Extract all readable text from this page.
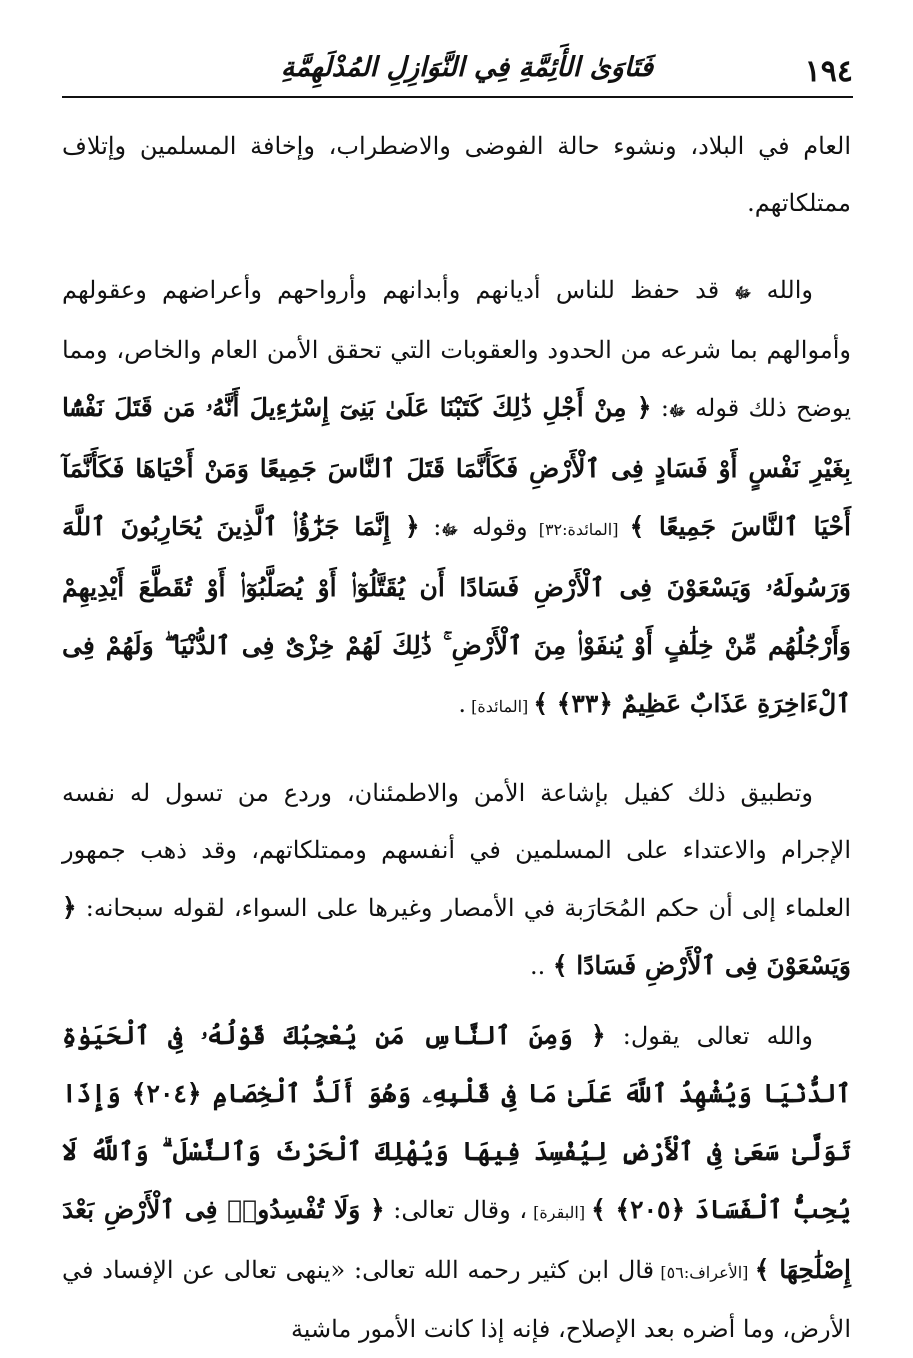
١٩٤
فَتَاوَىٰ الأَئِمَّةِ فِي النَّوَازِلِ المُدْلَهِمَّةِ

العام في البلاد، ونشوء حالة الفوضى والاضطراب، وإخافة المسلمين وإتلاف ممتلكاتهم.

والله ﷻ قد حفظ للناس أديانهم وأبدانهم وأرواحهم وأعراضهم وعقولهم وأموالهم بما شرعه من الحدود والعقوبات التي تحقق الأمن العام والخاص، ومما يوضح ذلك قوله ﷻ: ﴿ مِنْ أَجْلِ ذَٰلِكَ كَتَبْنَا عَلَىٰ بَنِىٓ إِسْرَٰٓءِيلَ أَنَّهُۥ مَن قَتَلَ نَفْسًۢا بِغَيْرِ نَفْسٍ أَوْ فَسَادٍ فِى ٱلْأَرْضِ فَكَأَنَّمَا قَتَلَ ٱلنَّاسَ جَمِيعًا وَمَنْ أَحْيَاهَا فَكَأَنَّمَآ أَحْيَا ٱلنَّاسَ جَمِيعًا ﴾ [المائدة:٣٢] وقوله ﷻ: ﴿ إِنَّمَا جَزَٰٓؤُا۟ ٱلَّذِينَ يُحَارِبُونَ ٱللَّهَ وَرَسُولَهُۥ وَيَسْعَوْنَ فِى ٱلْأَرْضِ فَسَادًا أَن يُقَتَّلُوٓا۟ أَوْ يُصَلَّبُوٓا۟ أَوْ تُقَطَّعَ أَيْدِيهِمْ وَأَرْجُلُهُم مِّنْ خِلَٰفٍ أَوْ يُنفَوْا۟ مِنَ ٱلْأَرْضِ ۚ ذَٰلِكَ لَهُمْ خِزْىٌ فِى ٱلدُّنْيَا ۖ وَلَهُمْ فِى ٱلْءَاخِرَةِ عَذَابٌ عَظِيمٌ ﴿٣٣﴾ ﴾ [المائدة] .

وتطبيق ذلك كفيل بإشاعة الأمن والاطمئنان، وردع من تسول له نفسه الإجرام والاعتداء على المسلمين في أنفسهم وممتلكاتهم، وقد ذهب جمهور العلماء إلى أن حكم المُحَارَبة في الأمصار وغيرها على السواء، لقوله سبحانه: ﴿ وَيَسْعَوْنَ فِى ٱلْأَرْضِ فَسَادًا ﴾ ..

والله تعالى يقول: ﴿ وَمِنَ ٱلنَّاسِ مَن يُعْجِبُكَ قَوْلُهُۥ فِى ٱلْحَيَوٰةِ ٱلدُّنْيَا وَيُشْهِدُ ٱللَّهَ عَلَىٰ مَا فِى قَلْبِهِۦ وَهُوَ أَلَدُّ ٱلْخِصَامِ ﴿٢٠٤﴾ وَإِذَا تَوَلَّىٰ سَعَىٰ فِى ٱلْأَرْضِ لِيُفْسِدَ فِيهَا وَيُهْلِكَ ٱلْحَرْثَ وَٱلنَّسْلَ ۗ وَٱللَّهُ لَا يُحِبُّ ٱلْفَسَادَ ﴿٢٠٥﴾ ﴾ [البقرة] ، وقال تعالى: ﴿ وَلَا تُفْسِدُوا۟ فِى ٱلْأَرْضِ بَعْدَ إِصْلَٰحِهَا ﴾ [الأعراف:٥٦] قال ابن كثير رحمه الله تعالى: «ينهى تعالى عن الإفساد في الأرض، وما أضره بعد الإصلاح، فإنه إذا كانت الأمور ماشية
